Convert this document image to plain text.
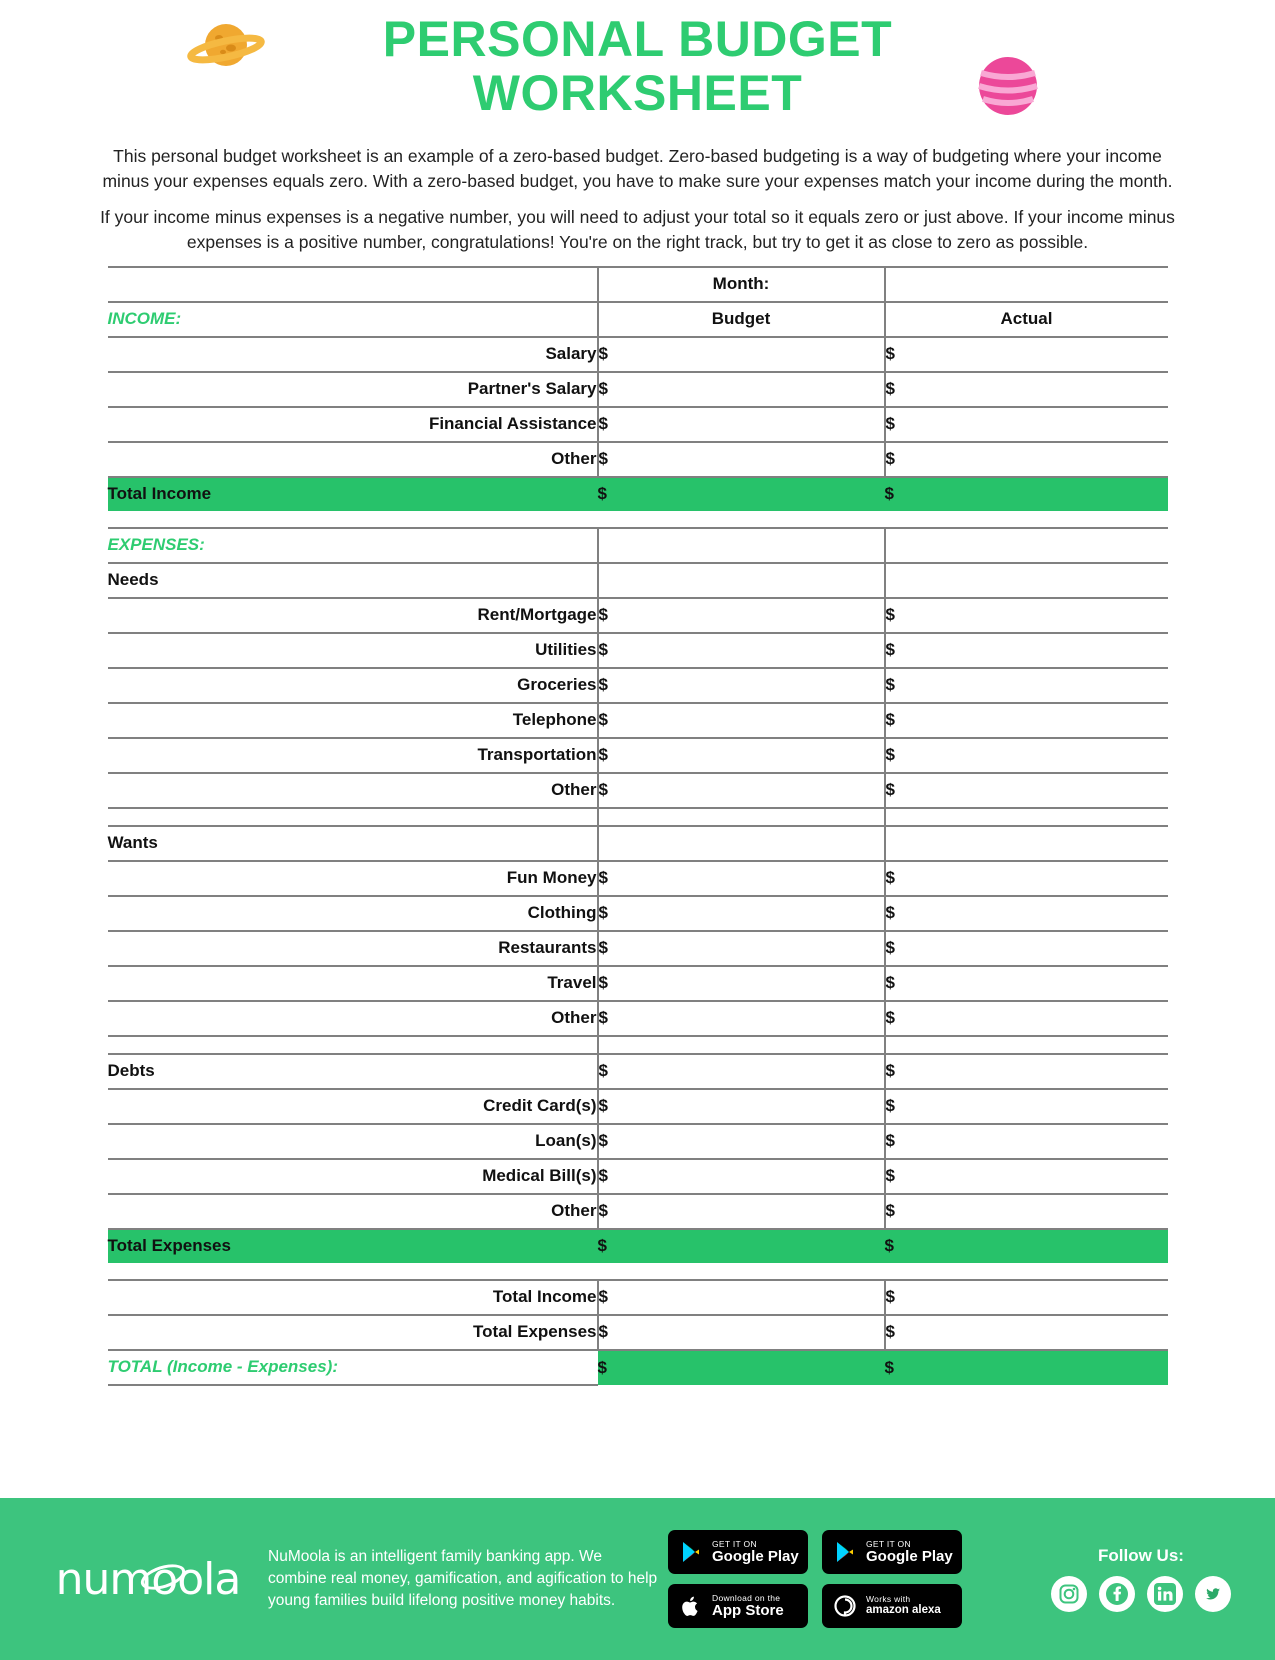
PERSONAL BUDGET WORKSHEET

This personal budget worksheet is an example of a zero-based budget. Zero-based budgeting is a way of budgeting where your income minus your expenses equals zero. With a zero-based budget, you have to make sure your expenses match your income during the month.

If your income minus expenses is a negative number, you will need to adjust your total so it equals zero or just above. If your income minus expenses is a positive number, congratulations! You're on the right track, but try to get it as close to zero as possible.

	Month:	
INCOME:	Budget	Actual
Salary	$	$
Partner's Salary	$	$
Financial Assistance	$	$
Other	$	$
Total Income	$	$

EXPENSES:		
Needs		
Rent/Mortgage	$	$
Utilities	$	$
Groceries	$	$
Telephone	$	$
Transportation	$	$
Other	$	$

Wants		
Fun Money	$	$
Clothing	$	$
Restaurants	$	$
Travel	$	$
Other	$	$

Debts	$	$
Credit Card(s)	$	$
Loan(s)	$	$
Medical Bill(s)	$	$
Other	$	$
Total Expenses	$	$

Total Income	$	$
Total Expenses	$	$
TOTAL (Income - Expenses):	$	$
numoola NuMoola is an intelligent family banking app. We combine real money, gamification, and agification to help young families build lifelong positive money habits.
GET IT ON
Google Play
GET IT ON
Google Play
Download on the
App Store
Works with
amazon alexa
Follow Us:
